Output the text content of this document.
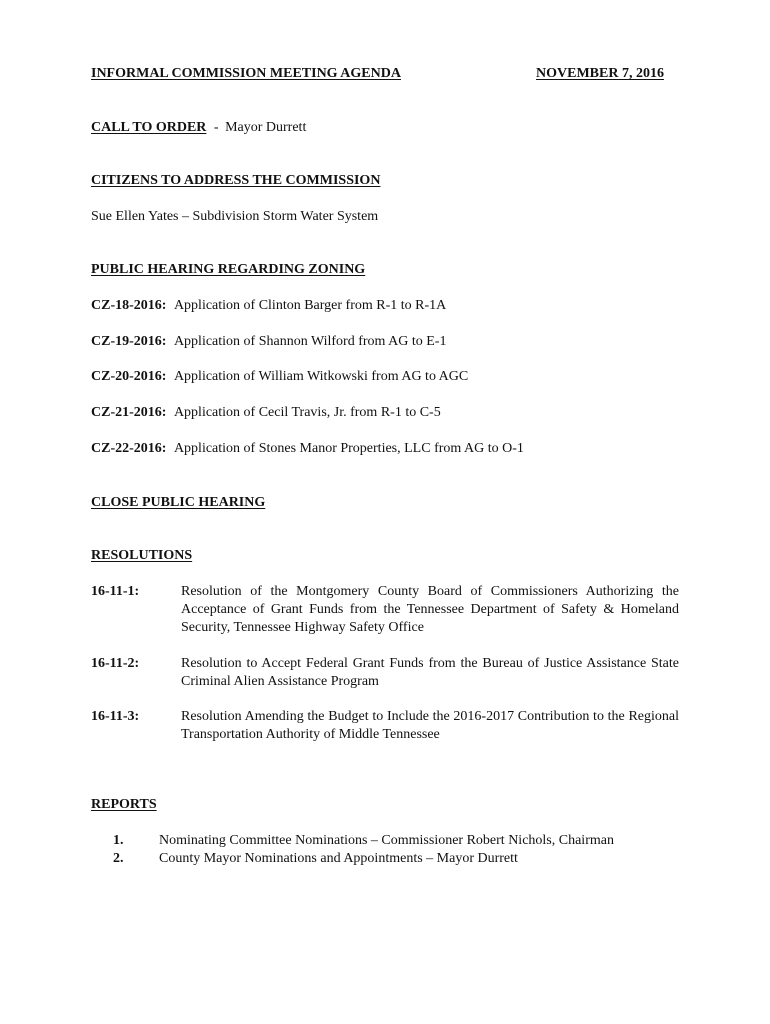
INFORMAL COMMISSION MEETING AGENDA	NOVEMBER 7, 2016
CALL TO ORDER - Mayor Durrett
CITIZENS TO ADDRESS THE COMMISSION
Sue Ellen Yates – Subdivision Storm Water System
PUBLIC HEARING REGARDING ZONING
CZ-18-2016: Application of Clinton Barger from R-1 to R-1A
CZ-19-2016: Application of Shannon Wilford from AG to E-1
CZ-20-2016: Application of William Witkowski from AG to AGC
CZ-21-2016: Application of Cecil Travis, Jr. from R-1 to C-5
CZ-22-2016: Application of Stones Manor Properties, LLC from AG to O-1
CLOSE PUBLIC HEARING
RESOLUTIONS
16-11-1:	Resolution of the Montgomery County Board of Commissioners Authorizing the Acceptance of Grant Funds from the Tennessee Department of Safety & Homeland Security, Tennessee Highway Safety Office
16-11-2:	Resolution to Accept Federal Grant Funds from the Bureau of Justice Assistance State Criminal Alien Assistance Program
16-11-3:	Resolution Amending the Budget to Include the 2016-2017 Contribution to the Regional Transportation Authority of Middle Tennessee
REPORTS
1.	Nominating Committee Nominations – Commissioner Robert Nichols, Chairman
2.	County Mayor Nominations and Appointments – Mayor Durrett
